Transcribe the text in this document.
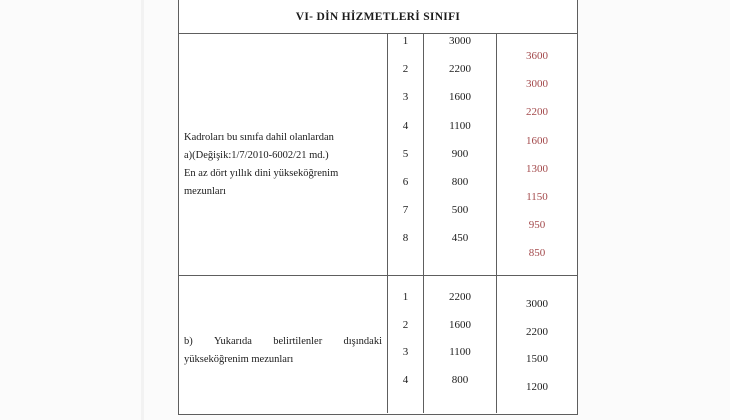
VI- DİN HİZMETLERİ SINIFI
Kadroları bu sınıfa dahil olanlardan
a)(Değişik:1/7/2010-6002/21 md.)
En az dört yıllık dini yükseköğrenim mezunları
1
2
3
4
5
6
7
8
3000
2200
1600
1100
900
800
500
450
3600
3000
2200
1600
1300
1150
950
850
b) Yukarıda belirtilenler dışındaki
yükseköğrenim mezunları
1
2
3
4
2200
1600
1100
800
3000
2200
1500
1200
